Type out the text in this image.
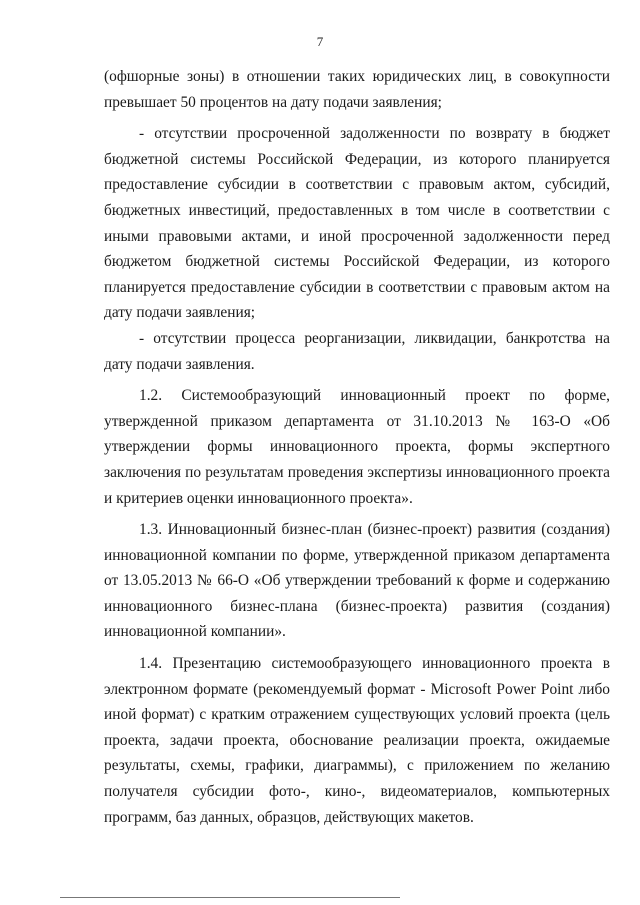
7

(офшорные зоны) в отношении таких юридических лиц, в совокупности превышает 50 процентов на дату подачи заявления;

- отсутствии просроченной задолженности по возврату в бюджет бюджетной системы Российской Федерации, из которого планируется предоставление субсидии в соответствии с правовым актом, субсидий, бюджетных инвестиций, предоставленных в том числе в соответствии с иными правовыми актами, и иной просроченной задолженности перед бюджетом бюджетной системы Российской Федерации, из которого планируется предоставление субсидии в соответствии с правовым актом на дату подачи заявления;

- отсутствии процесса реорганизации, ликвидации, банкротства на дату подачи заявления.

1.2. Системообразующий инновационный проект по форме, утвержденной приказом департамента от 31.10.2013 № 163-О «Об утверждении формы инновационного проекта, формы экспертного заключения по результатам проведения экспертизы инновационного проекта и критериев оценки инновационного проекта».

1.3. Инновационный бизнес-план (бизнес-проект) развития (создания) инновационной компании по форме, утвержденной приказом департамента от 13.05.2013 № 66-О «Об утверждении требований к форме и содержанию инновационного бизнес-плана (бизнес-проекта) развития (создания) инновационной компании».

1.4. Презентацию системообразующего инновационного проекта в электронном формате (рекомендуемый формат - Microsoft Power Point либо иной формат) с кратким отражением существующих условий проекта (цель проекта, задачи проекта, обоснование реализации проекта, ожидаемые результаты, схемы, графики, диаграммы), с приложением по желанию получателя субсидии фото-, кино-, видеоматериалов, компьютерных программ, баз данных, образцов, действующих макетов.
